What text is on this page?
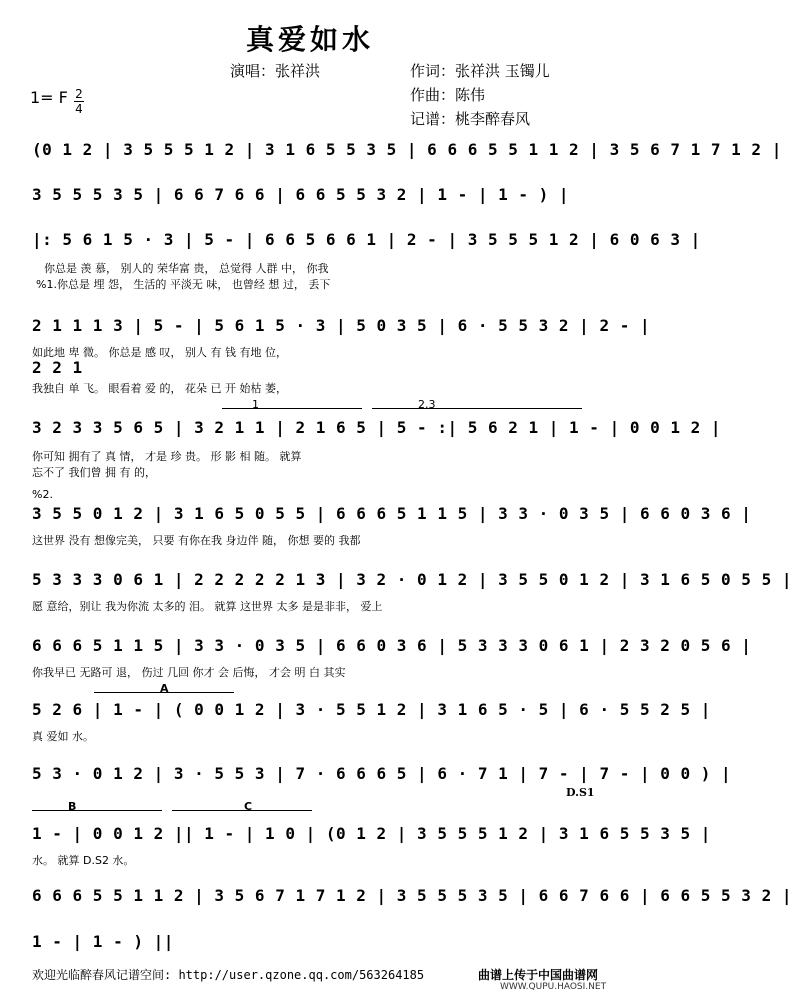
真爱如水
演唱：张祥洪	作词：张祥洪 玉镯儿
作曲：陈伟
记谱：桃李醉春风
1= F 2
4
(0 1 2 | 3 5 5 5 1 2 | 3 1 6 5 5 3 5 | 6 6 6 5 5 1 1 2 | 3 5 6 7 1 7 1 2 |
3 5 5 5 3 5 | 6 6 7 6 6 | 6 6 5 5 3 2 | 1 - | 1 - ) |
|: 5 6 1 5 · 3 | 5 - | 6 6 5 6 6 1 | 2 - | 3 5 5 5 1 2 | 6 0 6 3 |
你总是 羡 慕， 别人的 荣华富 贵， 总觉得 人群 中， 你我
%1.你总是 埋 怨， 生活的 平淡无 味， 也曾经 想 过， 丢下
2 1 1 1 3 | 5 - | 5 6 1 5 · 3 | 5 0 3 5 | 6 · 5 5 3 2 | 2 - |
如此地 卑 微。 你总是 感 叹， 别人 有 钱 有地 位，
2 2 1
我独自 单 飞。 眼看着 爱 的， 花朵 已 开 始枯 萎，
1	2.3
3 2 3 3 5 6 5 | 3 2 1 1 | 2 1 6 5 | 5 - :| 5 6 2 1 | 1 - | 0 0 1 2 |
你可知 拥有了 真 情， 才是 珍 贵。 形 影 相 随。 就算
忘不了 我们曾 拥 有 的，
%2.
3 5 5 0 1 2 | 3 1 6 5 0 5 5 | 6 6 6 5 1 1 5 | 3 3 · 0 3 5 | 6 6 0 3 6 |
这世界 没有 想像完美， 只要 有你在我 身边伴 随， 你想 要的 我都
5 3 3 3 0 6 1 | 2 2 2 2 2 1 3 | 3 2 · 0 1 2 | 3 5 5 0 1 2 | 3 1 6 5 0 5 5 |
愿 意给，别让 我为你流 太多的 泪。 就算 这世界 太多 是是非非， 爱上
6 6 6 5 1 1 5 | 3 3 · 0 3 5 | 6 6 0 3 6 | 5 3 3 3 0 6 1 | 2 3 2 0 5 6 |
你我早已 无路可 退， 伤过 几回 你才 会 后悔， 才会 明 白 其实
A
5 2 6 | 1 - | ( 0 0 1 2 | 3 · 5 5 1 2 | 3 1 6 5 · 5 | 6 · 5 5 2 5 |
真 爱如 水。
5 3 · 0 1 2 | 3 · 5 5 3 | 7 · 6 6 6 5 | 6 · 7 1 | 7 - | 7 - | 0 0 ) |
D.S1
B	C
1 - | 0 0 1 2 || 1 - | 1 0 | (0 1 2 | 3 5 5 5 1 2 | 3 1 6 5 5 3 5 |
水。 就算 D.S2 水。
6 6 6 5 5 1 1 2 | 3 5 6 7 1 7 1 2 | 3 5 5 5 3 5 | 6 6 7 6 6 | 6 6 5 5 3 2 |
1 - | 1 - ) ||
欢迎光临醉春风记谱空间: http://user.qzone.qq.com/563264185	曲谱上传于中国曲谱网
WWW.QUPU.HAOSI.NET
